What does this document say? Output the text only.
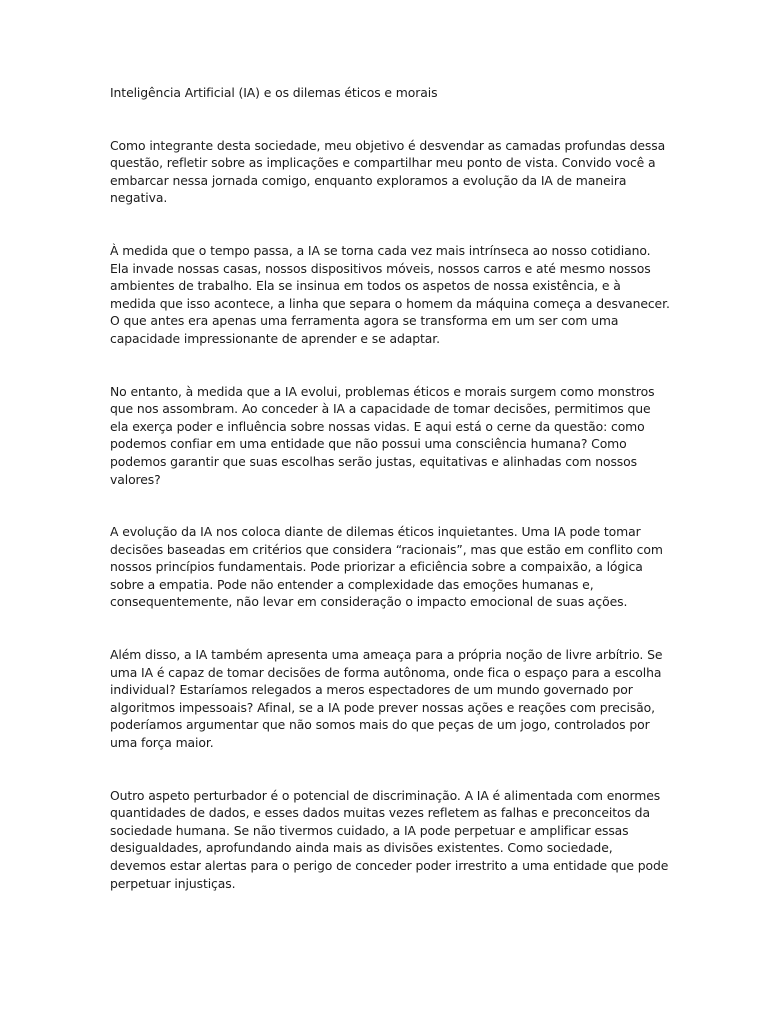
Inteligência Artificial (IA) e os dilemas éticos e morais

Como integrante desta sociedade, meu objetivo é desvendar as camadas profundas dessa questão, refletir sobre as implicações e compartilhar meu ponto de vista. Convido você a embarcar nessa jornada comigo, enquanto exploramos a evolução da IA de maneira negativa.

À medida que o tempo passa, a IA se torna cada vez mais intrínseca ao nosso cotidiano. Ela invade nossas casas, nossos dispositivos móveis, nossos carros e até mesmo nossos ambientes de trabalho. Ela se insinua em todos os aspetos de nossa existência, e à medida que isso acontece, a linha que separa o homem da máquina começa a desvanecer. O que antes era apenas uma ferramenta agora se transforma em um ser com uma capacidade impressionante de aprender e se adaptar.

No entanto, à medida que a IA evolui, problemas éticos e morais surgem como monstros que nos assombram. Ao conceder à IA a capacidade de tomar decisões, permitimos que ela exerça poder e influência sobre nossas vidas. E aqui está o cerne da questão: como podemos confiar em uma entidade que não possui uma consciência humana? Como podemos garantir que suas escolhas serão justas, equitativas e alinhadas com nossos valores?

A evolução da IA nos coloca diante de dilemas éticos inquietantes. Uma IA pode tomar decisões baseadas em critérios que considera “racionais”, mas que estão em conflito com nossos princípios fundamentais. Pode priorizar a eficiência sobre a compaixão, a lógica sobre a empatia. Pode não entender a complexidade das emoções humanas e, consequentemente, não levar em consideração o impacto emocional de suas ações.

Além disso, a IA também apresenta uma ameaça para a própria noção de livre arbítrio. Se uma IA é capaz de tomar decisões de forma autônoma, onde fica o espaço para a escolha individual? Estaríamos relegados a meros espectadores de um mundo governado por algoritmos impessoais? Afinal, se a IA pode prever nossas ações e reações com precisão, poderíamos argumentar que não somos mais do que peças de um jogo, controlados por uma força maior.

Outro aspeto perturbador é o potencial de discriminação. A IA é alimentada com enormes quantidades de dados, e esses dados muitas vezes refletem as falhas e preconceitos da sociedade humana. Se não tivermos cuidado, a IA pode perpetuar e amplificar essas desigualdades, aprofundando ainda mais as divisões existentes. Como sociedade, devemos estar alertas para o perigo de conceder poder irrestrito a uma entidade que pode perpetuar injustiças.
